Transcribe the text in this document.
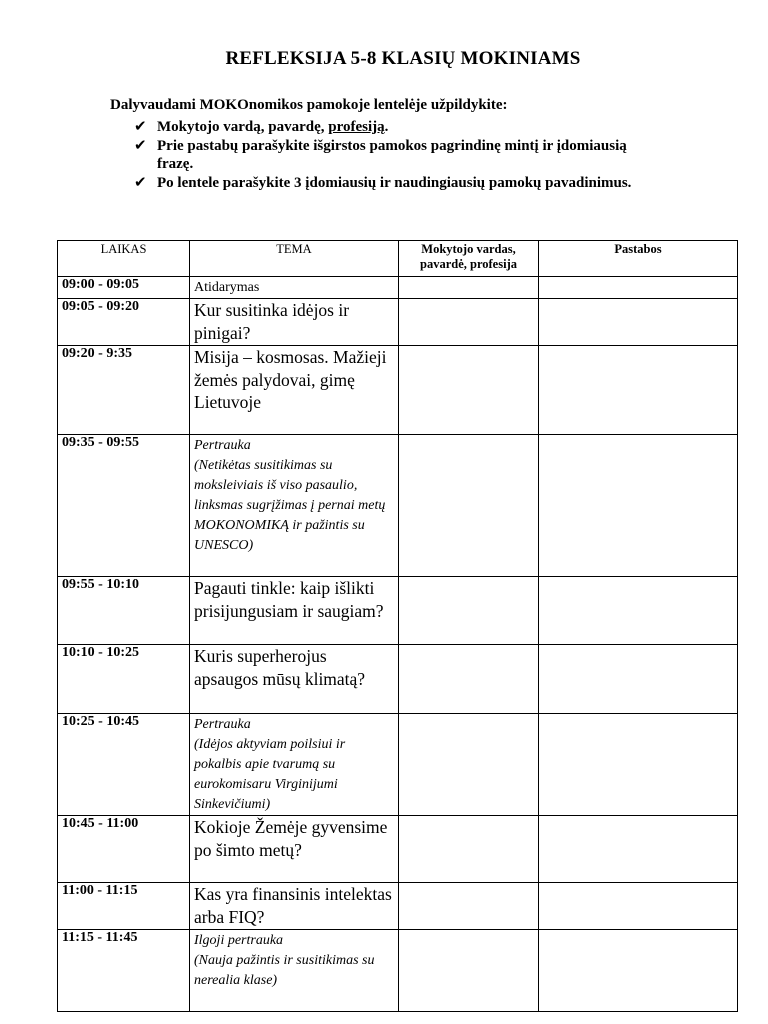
REFLEKSIJA 5-8 KLASIŲ MOKINIAMS

Dalyvaudami MOKOnomikos pamokoje lentelėje užpildykite:

✔ Mokytojo vardą, pavardę, profesiją.
✔ Prie pastabų parašykite išgirstos pamokos pagrindinę mintį ir įdomiausią frazę.
✔ Po lentele parašykite 3 įdomiausių ir naudingiausių pamokų pavadinimus.
LAIKAS	TEMA	Mokytojo vardas, pavardė, profesija	Pastabos
09:00 - 09:05	Atidarymas		
09:05 - 09:20	Kur susitinka idėjos ir pinigai?		
09:20 - 9:35	Misija – kosmosas. Mažieji žemės palydovai, gimę Lietuvoje		
09:35 - 09:55	Pertrauka
(Netikėtas susitikimas su moksleiviais iš viso pasaulio, linksmas sugrįžimas į pernai metų MOKONOMIKĄ ir pažintis su UNESCO)		

09:55 - 10:10	Pagauti tinkle: kaip išlikti prisijungusiam ir saugiam?		
10:10 - 10:25	Kuris superherojus apsaugos mūsų klimatą?		
10:25 - 10:45	Pertrauka
(Idėjos aktyviam poilsiui ir pokalbis apie tvarumą su eurokomisaru Virginijumi Sinkevičiumi)		

10:45 - 11:00	Kokioje Žemėje gyvensime po šimto metų?		
11:00 - 11:15	Kas yra finansinis intelektas arba FIQ?		
11:15 - 11:45	Ilgoji pertrauka
(Nauja pažintis ir susitikimas su nerealia klase)		
